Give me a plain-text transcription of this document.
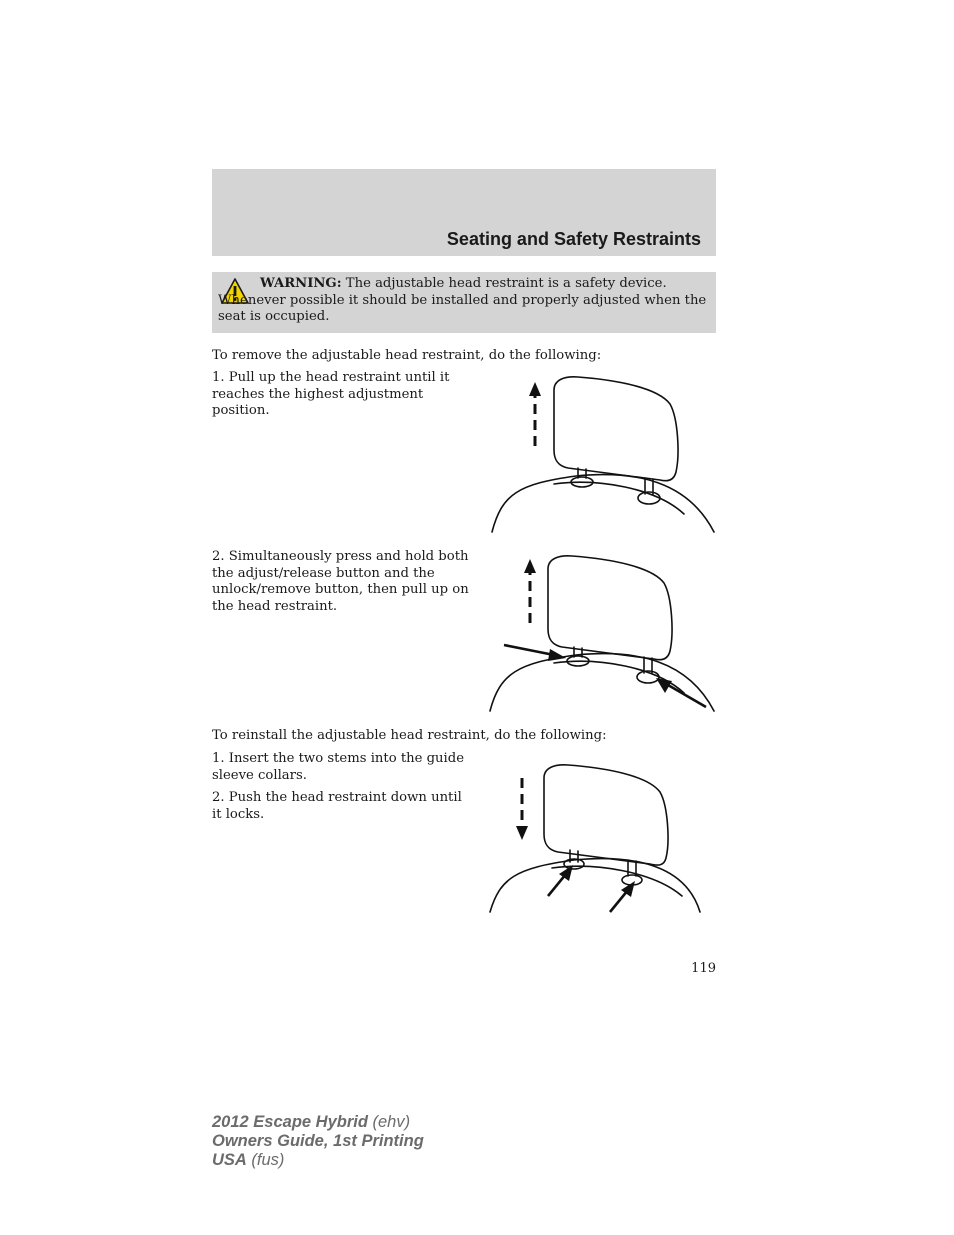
Seating and Safety Restraints
WARNING: The adjustable head restraint is a safety device. Whenever possible it should be installed and properly adjusted when the seat is occupied.

To remove the adjustable head restraint, do the following:

1. Pull up the head restraint until it reaches the highest adjustment position.

2. Simultaneously press and hold both the adjust/release button and the unlock/remove button, then pull up on the head restraint.

To reinstall the adjustable head restraint, do the following:

1. Insert the two stems into the guide sleeve collars.

2. Push the head restraint down until it locks.

119
2012 Escape Hybrid (ehv)
Owners Guide, 1st Printing
USA (fus)
